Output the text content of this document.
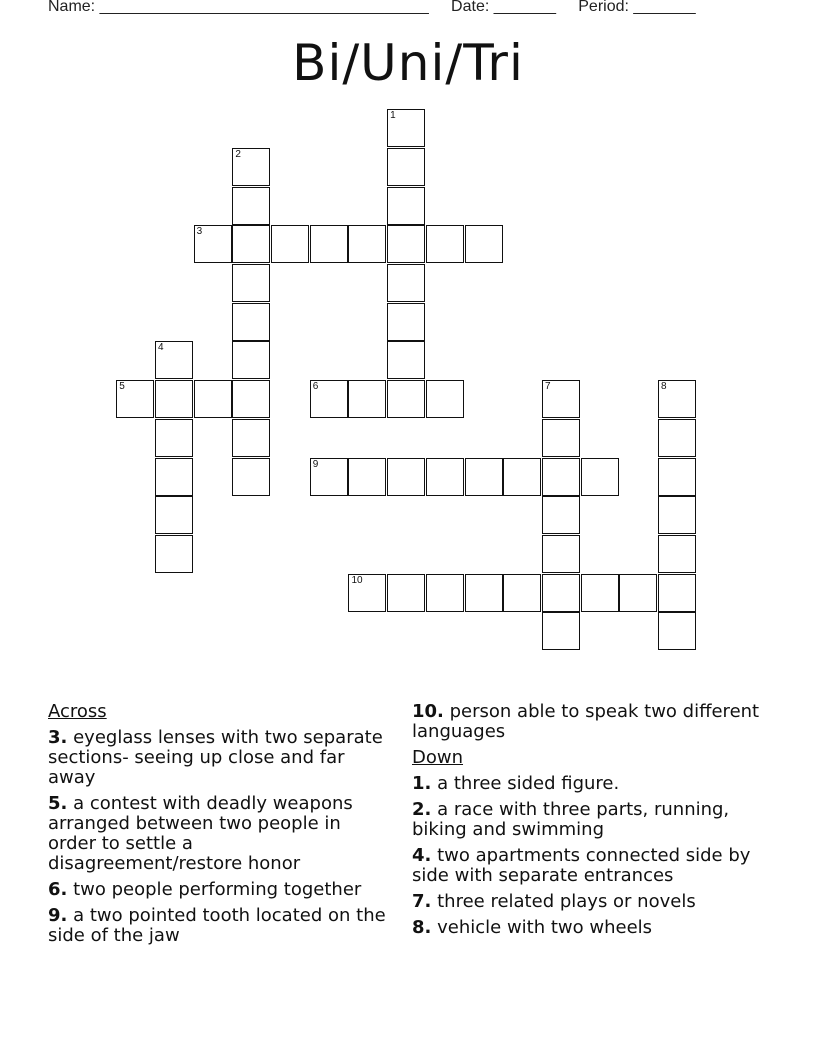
Name: _____________________________________     Date: _______     Period: _______
Bi/Uni/Tri
1
2
3
4
5	6	7	8
9
10
Across
3. eyeglass lenses with two separate sections- seeing up close and far away
5. a contest with deadly weapons arranged between two people in order to settle a disagreement/restore honor
6. two people performing together
9. a two pointed tooth located on the side of the jaw
10. person able to speak two different languages
Down
1. a three sided figure.
2. a race with three parts, running, biking and swimming
4. two apartments connected side by side with separate entrances
7. three related plays or novels
8. vehicle with two wheels
